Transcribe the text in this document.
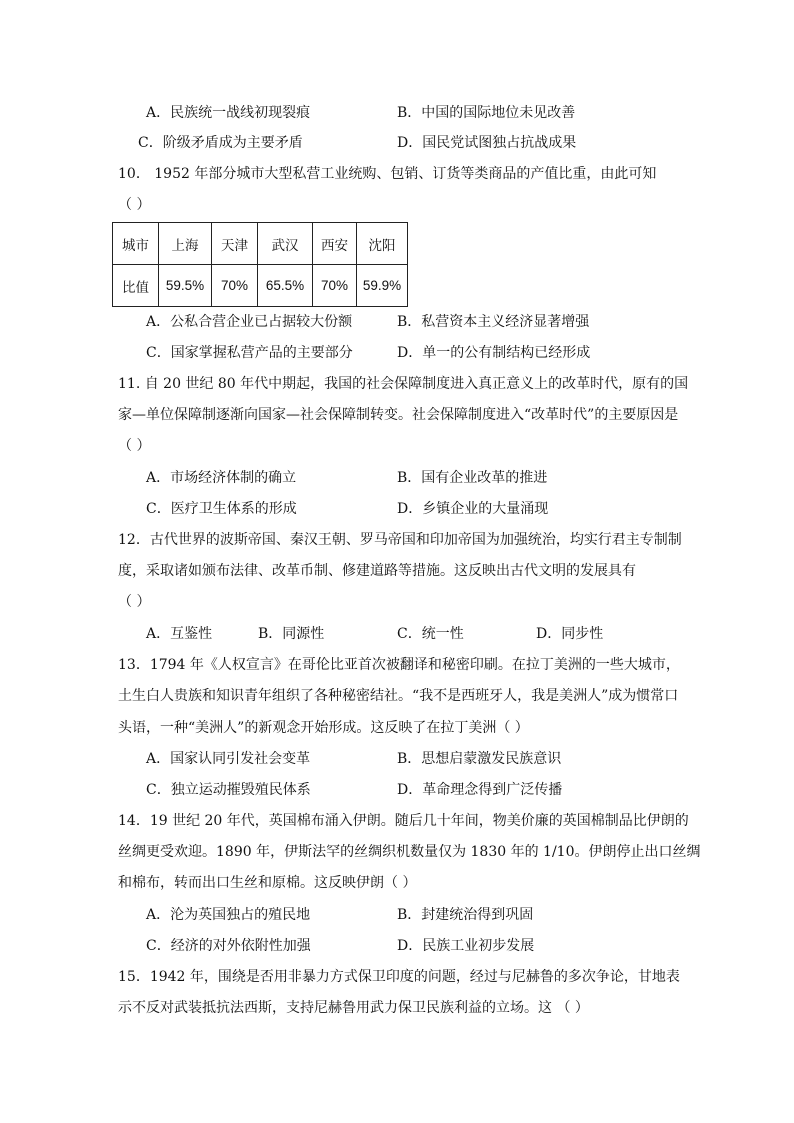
A．民族统一战线初现裂痕	B．中国的国际地位未见改善
C．阶级矛盾成为主要矛盾	D．国民党试图独占抗战成果
10． 1952 年部分城市大型私营工业统购、包销、订货等类商品的产值比重，由此可知
（ ）
城市	上海	天津	武汉	西安	沈阳
比值	59.5%	70%	65.5%	70%	59.9%
A．公私合营企业已占据较大份额	B．私营资本主义经济显著增强
C．国家掌握私营产品的主要部分	D．单一的公有制结构已经形成
11. 自 20 世纪 80 年代中期起，我国的社会保障制度进入真正意义上的改革时代，原有的国
家—单位保障制逐渐向国家—社会保障制转变。社会保障制度进入“改革时代”的主要原因是
（ ）
A．市场经济体制的确立	B．国有企业改革的推进
C．医疗卫生体系的形成	D．乡镇企业的大量涌现
12．古代世界的波斯帝国、秦汉王朝、罗马帝国和印加帝国为加强统治，均实行君主专制制
度，采取诸如颁布法律、改革币制、修建道路等措施。这反映出古代文明的发展具有
（ ）
A．互鉴性	B．同源性	C．统一性	D．同步性
13．1794 年《人权宣言》在哥伦比亚首次被翻译和秘密印刷。在拉丁美洲的一些大城市，
土生白人贵族和知识青年组织了各种秘密结社。“我不是西班牙人，我是美洲人”成为惯常口
头语，一种“美洲人”的新观念开始形成。这反映了在拉丁美洲（ ）
A．国家认同引发社会变革	B．思想启蒙激发民族意识
C．独立运动摧毁殖民体系	D．革命理念得到广泛传播
14．19 世纪 20 年代，英国棉布涌入伊朗。随后几十年间，物美价廉的英国棉制品比伊朗的
丝绸更受欢迎。1890 年，伊斯法罕的丝绸织机数量仅为 1830 年的 1/10。伊朗停止出口丝绸
和棉布，转而出口生丝和原棉。这反映伊朗（ ）
A．沦为英国独占的殖民地	B．封建统治得到巩固
C．经济的对外依附性加强	D．民族工业初步发展
15．1942 年，围绕是否用非暴力方式保卫印度的问题，经过与尼赫鲁的多次争论，甘地表
示不反对武装抵抗法西斯，支持尼赫鲁用武力保卫民族利益的立场。这 （ ）
